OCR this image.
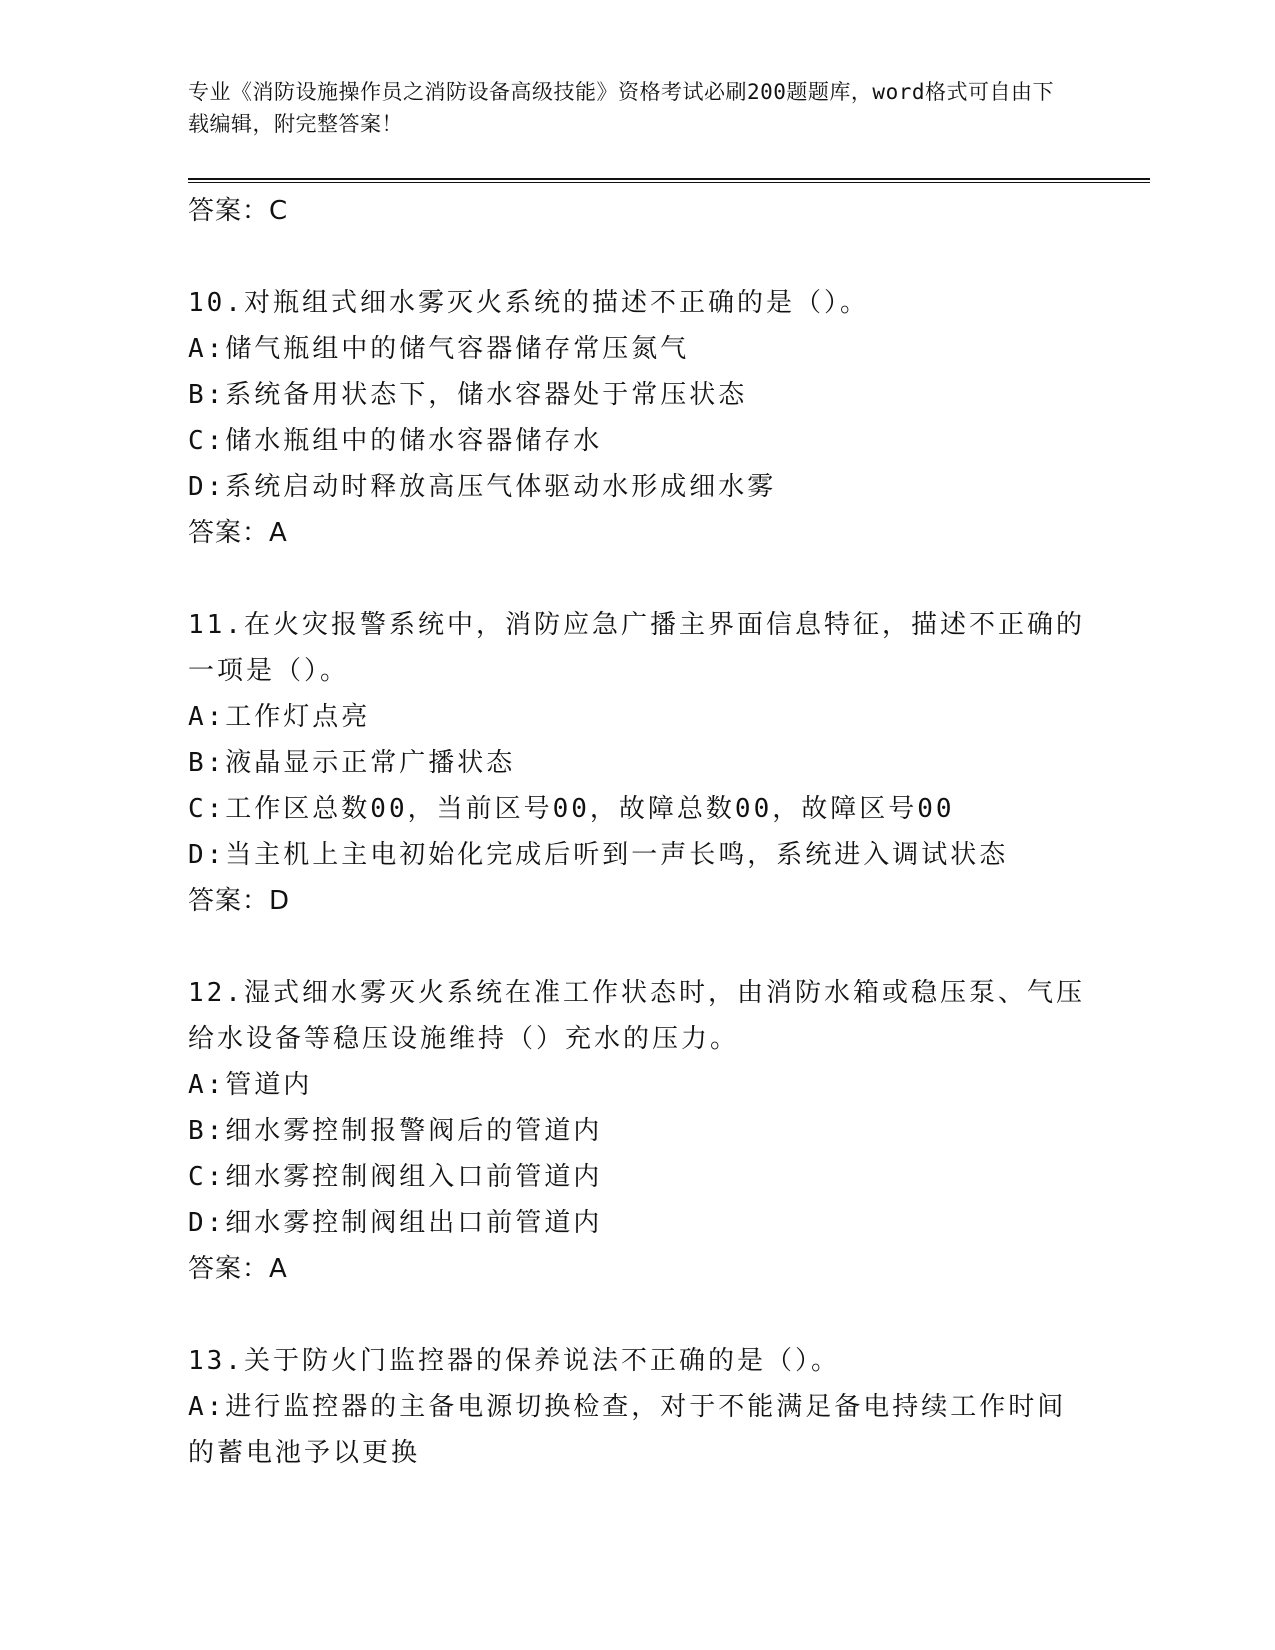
专业《消防设施操作员之消防设备高级技能》资格考试必刷200题题库，word格式可自由下载编辑，附完整答案！
答案：C
10.对瓶组式细水雾灭火系统的描述不正确的是（）。
A:储气瓶组中的储气容器储存常压氮气
B:系统备用状态下，储水容器处于常压状态
C:储水瓶组中的储水容器储存水
D:系统启动时释放高压气体驱动水形成细水雾
答案：A
11.在火灾报警系统中，消防应急广播主界面信息特征，描述不正确的一项是（）。
A:工作灯点亮
B:液晶显示正常广播状态
C:工作区总数00，当前区号00，故障总数00，故障区号00
D:当主机上主电初始化完成后听到一声长鸣，系统进入调试状态
答案：D
12.湿式细水雾灭火系统在准工作状态时，由消防水箱或稳压泵、气压给水设备等稳压设施维持（）充水的压力。
A:管道内
B:细水雾控制报警阀后的管道内
C:细水雾控制阀组入口前管道内
D:细水雾控制阀组出口前管道内
答案：A
13.关于防火门监控器的保养说法不正确的是（）。
A:进行监控器的主备电源切换检查，对于不能满足备电持续工作时间的蓄电池予以更换
